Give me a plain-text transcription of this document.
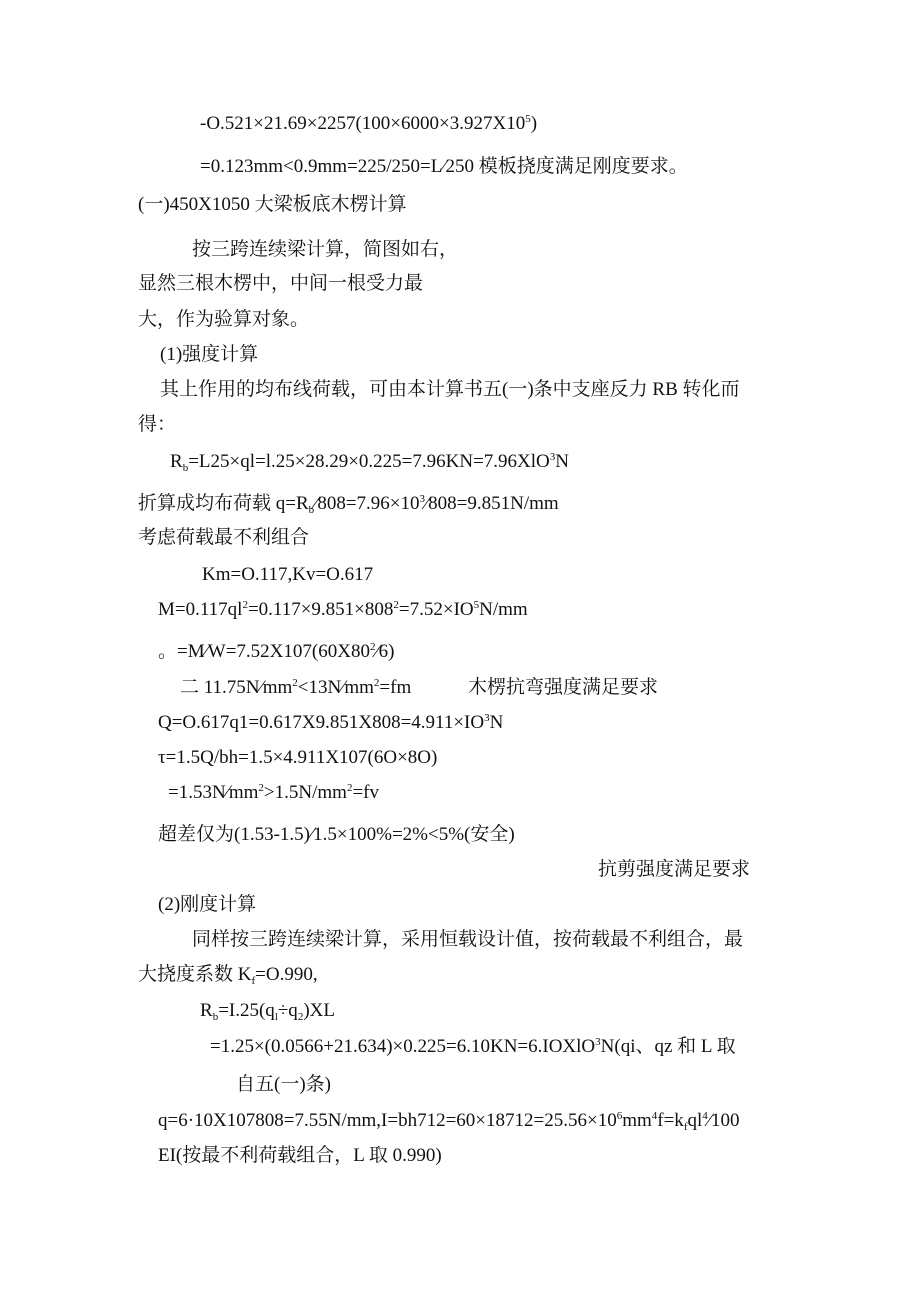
$-O.521\times 21.69\times 2257(100\times 6000\times 3.927X10^5)$
=0.123mm<0.9mm=225/250=L⁄250 模板挠度满足刚度要求。
(一)450X1050 大梁板底木楞计算
按三跨连续梁计算，简图如右，
显然三根木楞中，中间一根受力最
大，作为验算对象。
(1)强度计算
其上作用的均布线荷载，可由本计算书五(一)条中支座反力 RB 转化而
得：
$R_b=L25\times ql=l.25\times 28.29\times 0.225=7.96KN=7.96XlO^3N$
折算成均布荷载 $q=R_b⁄808=7.96\times 10^3⁄808=9.851N/mm$
考虑荷载最不利组合
Km=O.117,Kv=O.617
$M=0.117ql^2=0.117\times 9.851\times 808^2=7.52\times IO^5N/mm$
。$=M⁄W=7.52X107(60X80^2⁄6)$
二 $11.75N⁄mm^2<13N⁄mm^2=fm$	木楞抗弯强度满足要求
$Q=O.617q1=0.617X9.851X808=4.911\times IO^3N$
τ=1.5Q/bh=1.5×4.911X107(6O×8O)
$=1.53N⁄mm^2>1.5N/mm^2=fv$
超差仅为(1.53-1.5)⁄1.5×100%=2%<5%(安全)
抗剪强度满足要求
(2)刚度计算
同样按三跨连续梁计算，采用恒载设计值，按荷载最不利组合，最
大挠度系数 $K_f=O.990$,
$R_b=I.25(q_l\div q_2)XL$
=1.25×(0.0566+21.634)×0.225=6.10KN=6.IOXlO$^3$N(qi、qz 和 L 取
自五(一)条)
$q=6\cdot 10X107808=7.55N/mm,I=bh712=60\times 18712=25.56\times 10^6mm^4f=k_fql^4⁄100$
EI(按最不利荷载组合，L 取 0.990)
